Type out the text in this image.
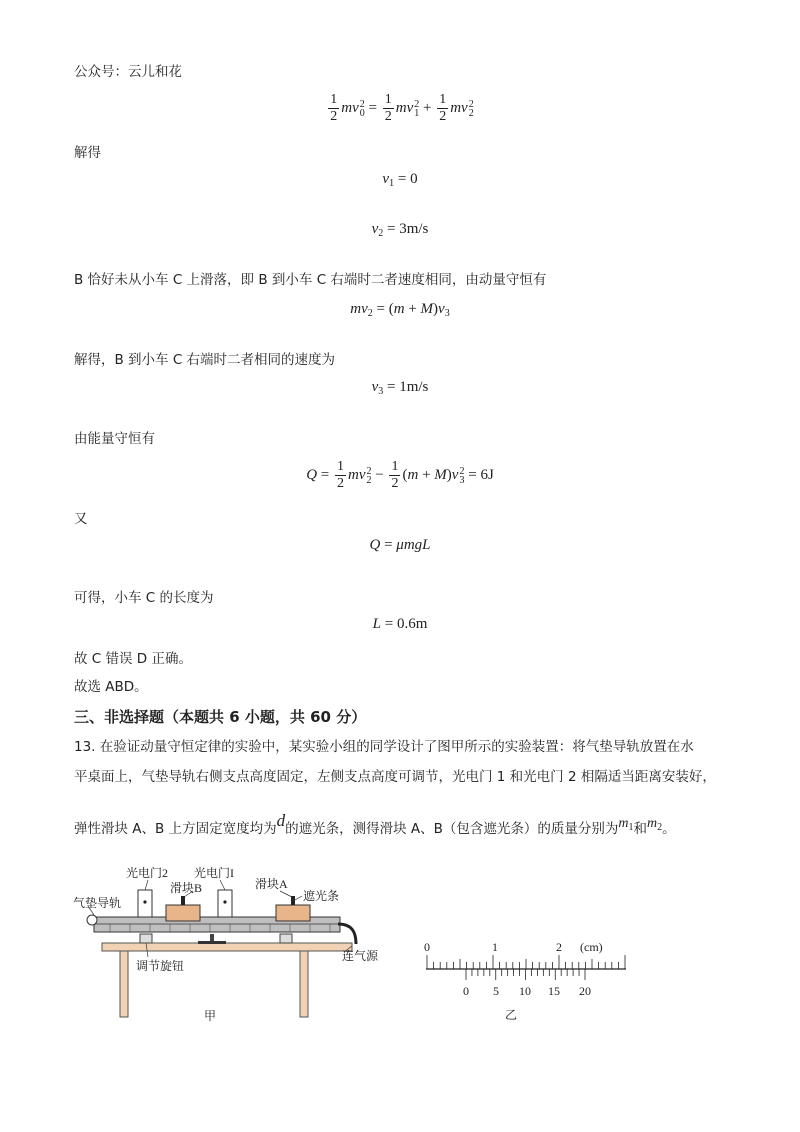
公众号：云儿和花
$\frac{1}{2}$ mv 2
$0 = \frac{1}{2}$ mv 2
$1 + \frac{1}{2}$ mv 2
2
解得
$v_1 = 0$
$v_2 = 3m/s$
B 恰好未从小车 C 上滑落，即 B 到小车 C 右端时二者速度相同，由动量守恒有
$mv_2 = (m + M)v_3$
解得，B 到小车 C 右端时二者相同的速度为
$v_3 = 1m/s$
由能量守恒有
$Q = \frac{1}{2}$ mv 2
$2 - \frac{1}{2} (m + M)v$ 2
3 = 6J
又
Q = μmgL
可得，小车 C 的长度为
L = 0.6m
故 C 错误 D 正确。
故选 ABD。
三、非选择题（本题共 6 小题，共 60 分）
13. 在验证动量守恒定律的实验中，某实验小组的同学设计了图甲所示的实验装置：将气垫导轨放置在水
平桌面上，气垫导轨右侧支点高度固定，左侧支点高度可调节，光电门 1 和光电门 2 相隔适当距离安装好，
弹性滑块 A、B 上方固定宽度均为d的遮光条，测得滑块 A、B（包含遮光条）的质量分别为$m_1$和$m_2$。
光电门2 光电门I
滑块B	滑块A
遮光条
气垫导轨
调节旋钮
连气源
甲
0	1	2 (cm)
0 5 10 15 20
乙
